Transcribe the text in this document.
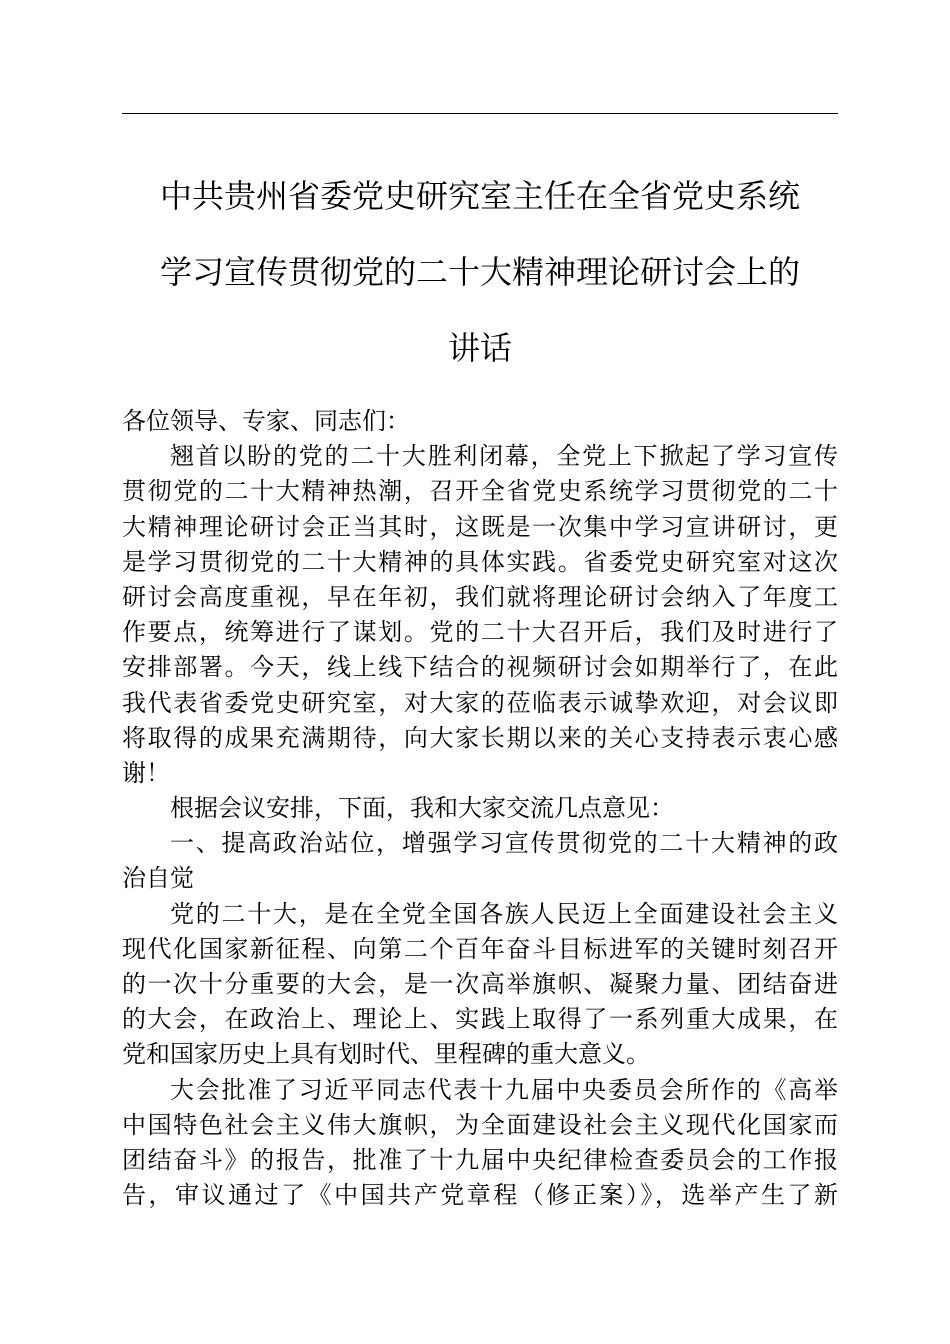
中共贵州省委党史研究室主任在全省党史系统
学习宣传贯彻党的二十大精神理论研讨会上的
讲话
各位领导、专家、同志们：
翘首以盼的党的二十大胜利闭幕，全党上下掀起了学习宣传
贯彻党的二十大精神热潮，召开全省党史系统学习贯彻党的二十
大精神理论研讨会正当其时，这既是一次集中学习宣讲研讨，更
是学习贯彻党的二十大精神的具体实践。省委党史研究室对这次
研讨会高度重视，早在年初，我们就将理论研讨会纳入了年度工
作要点，统筹进行了谋划。党的二十大召开后，我们及时进行了
安排部署。今天，线上线下结合的视频研讨会如期举行了，在此
我代表省委党史研究室，对大家的莅临表示诚挚欢迎，对会议即
将取得的成果充满期待，向大家长期以来的关心支持表示衷心感
谢！
根据会议安排，下面，我和大家交流几点意见：
一、提高政治站位，增强学习宣传贯彻党的二十大精神的政
治自觉
党的二十大，是在全党全国各族人民迈上全面建设社会主义
现代化国家新征程、向第二个百年奋斗目标进军的关键时刻召开
的一次十分重要的大会，是一次高举旗帜、凝聚力量、团结奋进
的大会，在政治上、理论上、实践上取得了一系列重大成果，在
党和国家历史上具有划时代、里程碑的重大意义。
大会批准了习近平同志代表十九届中央委员会所作的《高举
中国特色社会主义伟大旗帜，为全面建设社会主义现代化国家而
团结奋斗》的报告，批准了十九届中央纪律检查委员会的工作报
告，审议通过了《中国共产党章程（修正案）》，选举产生了新
